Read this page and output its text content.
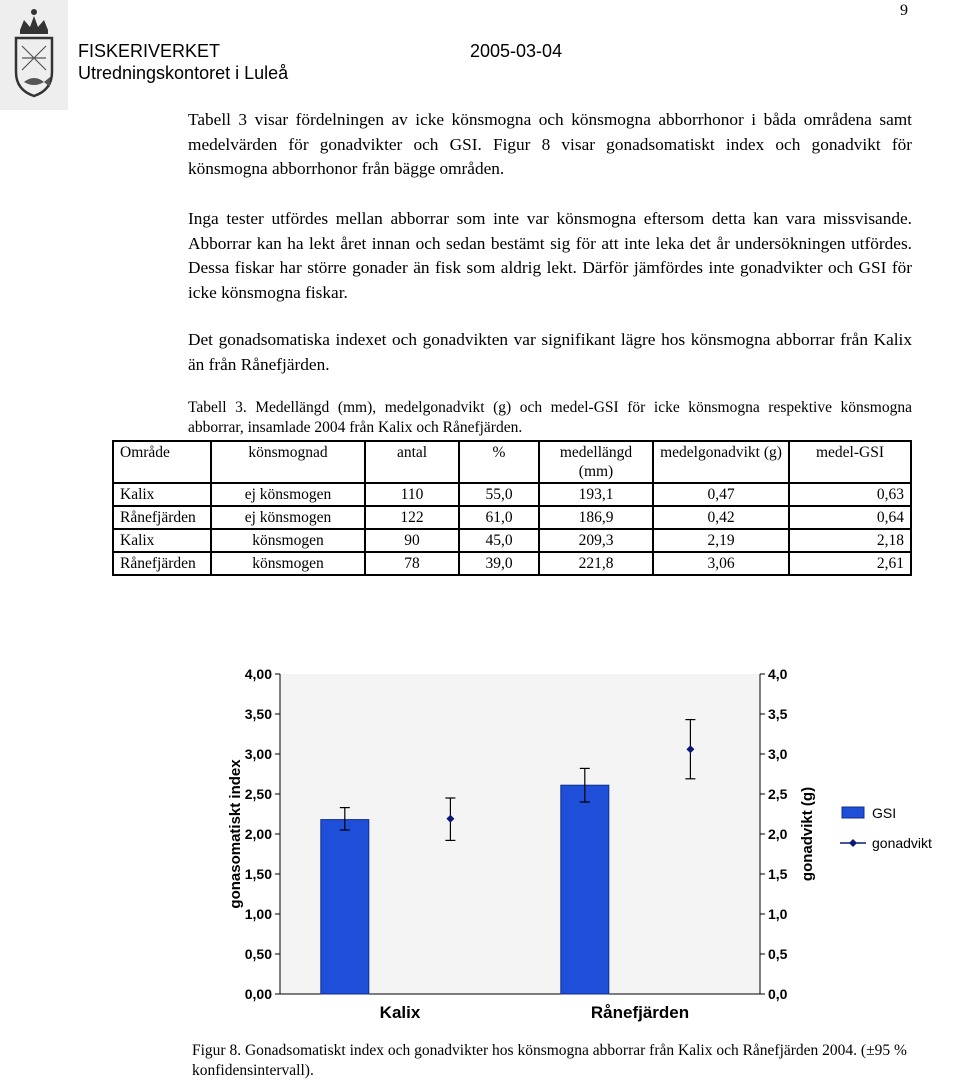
FISKERIVERKET
Utredningskontoret i Luleå
2005-03-04
9

Tabell 3 visar fördelningen av icke könsmogna och könsmogna abborrhonor i båda områdena samt medelvärden för gonadvikter och GSI. Figur 8 visar gonadsomatiskt index och gonadvikt för könsmogna abborrhonor från bägge områden.

Inga tester utfördes mellan abborrar som inte var könsmogna eftersom detta kan vara missvisande. Abborrar kan ha lekt året innan och sedan bestämt sig för att inte leka det år undersökningen utfördes. Dessa fiskar har större gonader än fisk som aldrig lekt. Därför jämfördes inte gonadvikter och GSI för icke könsmogna fiskar.

Det gonadsomatiska indexet och gonadvikten var signifikant lägre hos könsmogna abborrar från Kalix än från Rånefjärden.

Tabell 3. Medellängd (mm), medelgonadvikt (g) och medel-GSI för icke könsmogna respektive könsmogna abborrar, insamlade 2004 från Kalix och Rånefjärden.

Område	könsmognad	antal	%	medellängd (mm)	medelgonadvikt (g)	medel-GSI
Kalix	ej könsmogen	110	55,0	193,1	0,47	0,63
Rånefjärden	ej könsmogen	122	61,0	186,9	0,42	0,64
Kalix	könsmogen	90	45,0	209,3	2,19	2,18
Rånefjärden	könsmogen	78	39,0	221,8	3,06	2,61
0,00
0,50
1,00
1,50
2,00
2,50
3,00
3,50
4,00
0,0
0,5
1,0
1,5
2,0
2,5
3,0
3,5
4,0
gonasomatiskt index	gonadvikt (g)
Kalix	Rånefjärden
GSI
gonadvikt

Figur 8. Gonadsomatiskt index och gonadvikter hos könsmogna abborrar från Kalix och Rånefjärden 2004. (±95 % konfidensintervall).
